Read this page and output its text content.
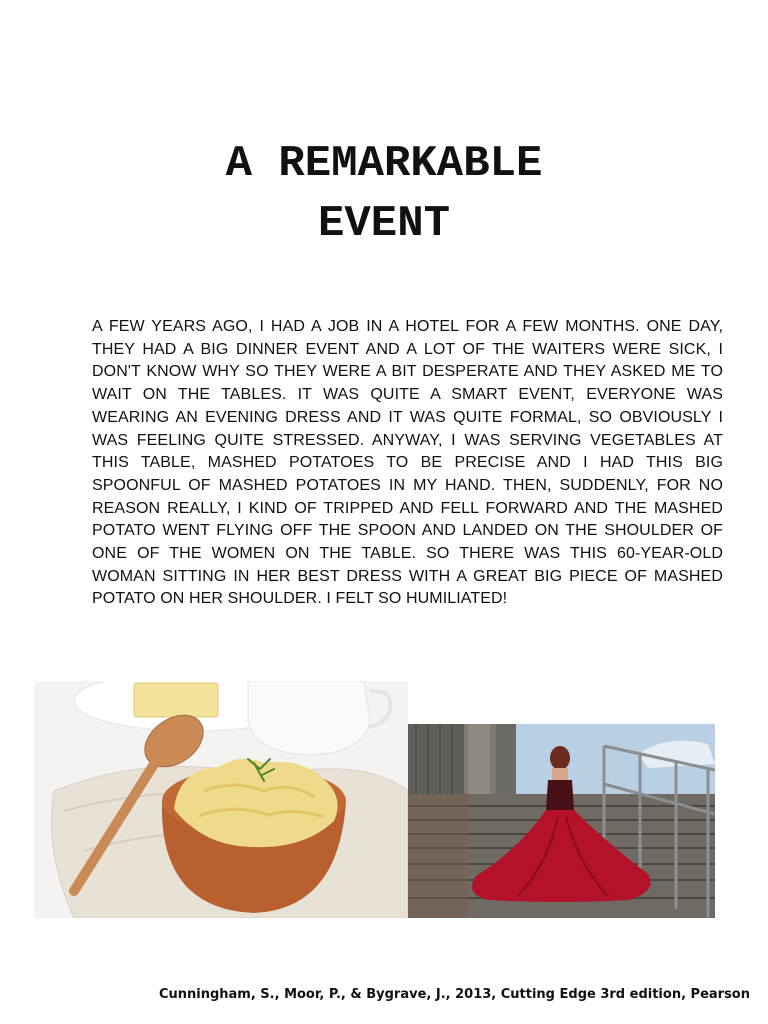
A REMARKABLE
EVENT

A FEW YEARS AGO, I HAD A JOB IN A HOTEL FOR A FEW MONTHS. ONE DAY, THEY HAD A BIG DINNER EVENT AND A LOT OF THE WAITERS WERE SICK, I DON'T KNOW WHY SO THEY WERE A BIT DESPERATE AND THEY ASKED ME TO WAIT ON THE TABLES. IT WAS QUITE A SMART EVENT, EVERYONE WAS WEARING AN EVENING DRESS AND IT WAS QUITE FORMAL, SO OBVIOUSLY I WAS FEELING QUITE STRESSED. ANYWAY, I WAS SERVING VEGETABLES AT THIS TABLE, MASHED POTATOES TO BE PRECISE AND I HAD THIS BIG SPOONFUL OF MASHED POTATOES IN MY HAND. THEN, SUDDENLY, FOR NO REASON REALLY, I KIND OF TRIPPED AND FELL FORWARD AND THE MASHED POTATO WENT FLYING OFF THE SPOON AND LANDED ON THE SHOULDER OF ONE OF THE WOMEN ON THE TABLE. SO THERE WAS THIS 60-YEAR-OLD WOMAN SITTING IN HER BEST DRESS WITH A GREAT BIG PIECE OF MASHED POTATO ON HER SHOULDER. I FELT SO HUMILIATED!

Cunningham, S., Moor, P., & Bygrave, J., 2013, Cutting Edge 3rd edition, Pearson
